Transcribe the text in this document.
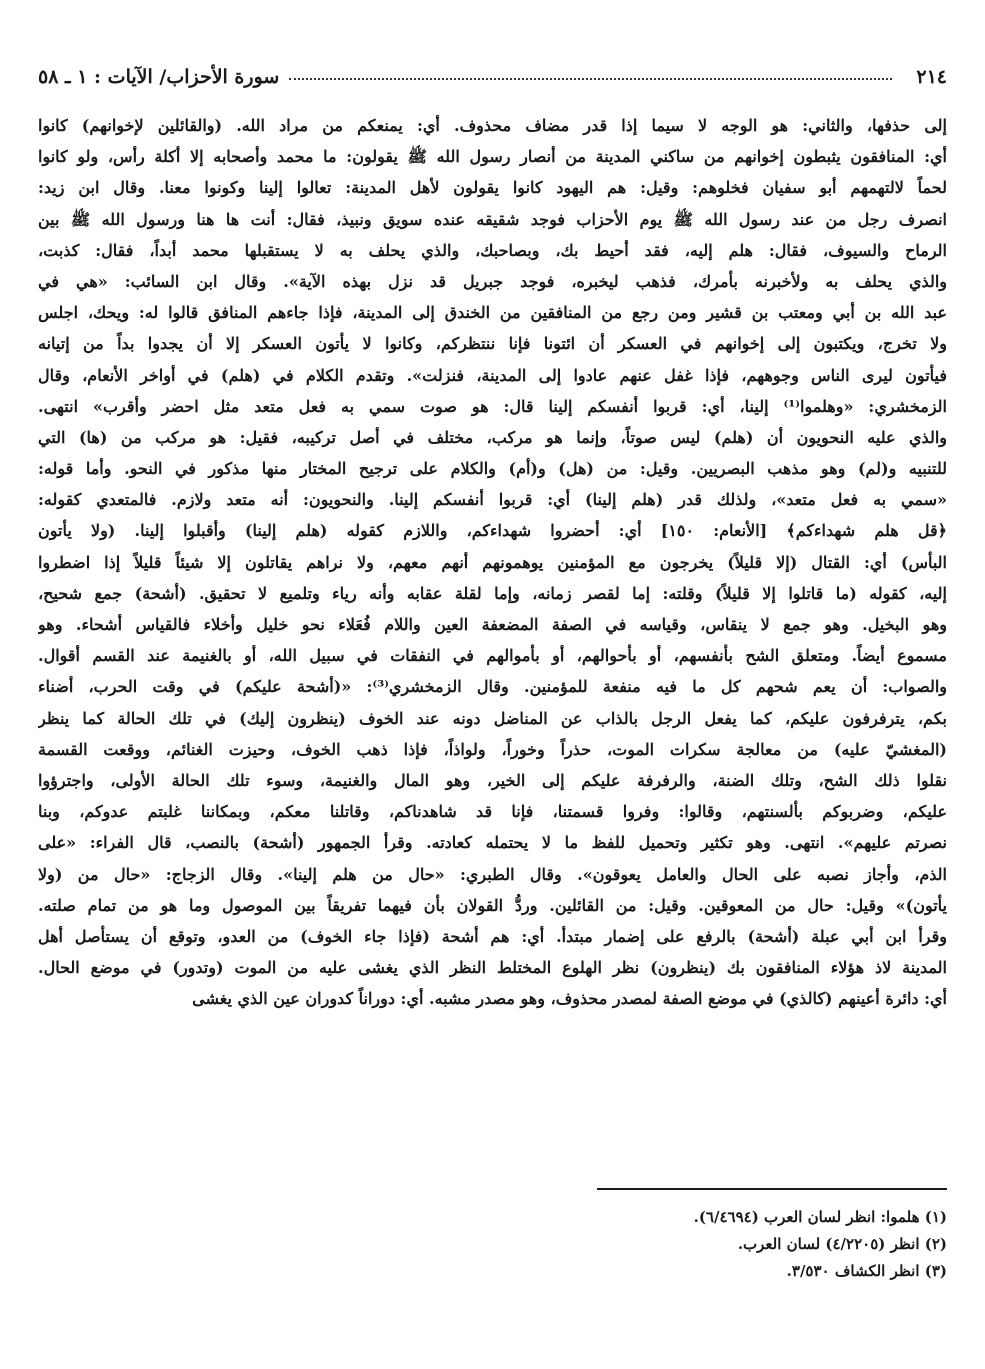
٢١٤
سورة الأحزاب/ الآيات : ١ ـ ٥٨
إلى حذفها، والثاني: هو الوجه لا سيما إذا قدر مضاف محذوف. أي: يمنعكم من مراد الله. (والقائلين لإخوانهم) كانوا
أي: المنافقون يثبطون إخوانهم من ساكني المدينة من أنصار رسول الله ﷺ يقولون: ما محمد وأصحابه إلا أكلة رأس، ولو كانوا
لحماً لالتهمهم أبو سفيان فخلوهم: وقيل: هم اليهود كانوا يقولون لأهل المدينة: تعالوا إلينا وكونوا معنا. وقال ابن زيد:
انصرف رجل من عند رسول الله ﷺ يوم الأحزاب فوجد شقيقه عنده سويق ونبيذ، فقال: أنت ها هنا ورسول الله ﷺ بين
الرماح والسيوف، فقال: هلم إليه، فقد أحيط بك، وبصاحبك، والذي يحلف به لا يستقبلها محمد أبداً، فقال: كذبت،
والذي يحلف به ولأخبرنه بأمرك، فذهب ليخبره، فوجد جبريل قد نزل بهذه الآية». وقال ابن السائب: «هي في
عبد الله بن أبي ومعتب بن قشير ومن رجع من المنافقين من الخندق إلى المدينة، فإذا جاءهم المنافق قالوا له: ويحك، اجلس
ولا تخرج، ويكتبون إلى إخوانهم في العسكر أن ائتونا فإنا ننتظركم، وكانوا لا يأتون العسكر إلا أن يجدوا بداً من إتيانه
فيأتون ليرى الناس وجوههم، فإذا غفل عنهم عادوا إلى المدينة، فنزلت». وتقدم الكلام في (هلم) في أواخر الأنعام، وقال
الزمخشري: «وهلموا⁽¹⁾ إلينا، أي: قربوا أنفسكم إلينا قال: هو صوت سمي به فعل متعد مثل احضر وأقرب» انتهى.
والذي عليه النحويون أن (هلم) ليس صوتاً، وإنما هو مركب، مختلف في أصل تركيبه، فقيل: هو مركب من (ها) التي
للتنبيه و(لم) وهو مذهب البصريين. وقيل: من (هل) و(أم) والكلام على ترجيح المختار منها مذكور في النحو. وأما قوله:
«سمي به فعل متعد»، ولذلك قدر (هلم إلينا) أي: قربوا أنفسكم إلينا. والنحويون: أنه متعد ولازم. فالمتعدي كقوله:
﴿قل هلم شهداءكم﴾ [الأنعام: ١٥٠] أي: أحضروا شهداءكم، واللازم كقوله (هلم إلينا) وأقبلوا إلينا. (ولا يأتون
البأس) أي: القتال (إلا قليلاً) يخرجون مع المؤمنين يوهمونهم أنهم معهم، ولا نراهم يقاتلون إلا شيئاً قليلاً إذا اضطروا
إليه، كقوله (ما قاتلوا إلا قليلاً) وقلته: إما لقصر زمانه، وإما لقلة عقابه وأنه رياء وتلميع لا تحقيق. (أشحة) جمع شحيح،
وهو البخيل. وهو جمع لا ينقاس، وقياسه في الصفة المضعفة العين واللام فُعَلاء نحو خليل وأخلاء فالقياس أشحاء. وهو
مسموع أيضاً. ومتعلق الشح بأنفسهم، أو بأحوالهم، أو بأموالهم في النفقات في سبيل الله، أو بالغنيمة عند القسم أقوال.
والصواب: أن يعم شحهم كل ما فيه منفعة للمؤمنين. وقال الزمخشري⁽³⁾: «(أشحة عليكم) في وقت الحرب، أضناء
بكم، يترفرفون عليكم، كما يفعل الرجل بالذاب عن المناضل دونه عند الخوف (ينظرون إليك) في تلك الحالة كما ينظر
(المغشيّ عليه) من معالجة سكرات الموت، حذراً وخوراً، ولواذاً، فإذا ذهب الخوف، وحيزت الغنائم، ووقعت القسمة
نقلوا ذلك الشح، وتلك الضنة، والرفرفة عليكم إلى الخير، وهو المال والغنيمة، وسوء تلك الحالة الأولى، واجترؤوا
عليكم، وضربوكم بألسنتهم، وقالوا: وفروا قسمتنا، فإنا قد شاهدناكم، وقاتلنا معكم، وبمكاننا غلبتم عدوكم، وبنا
نصرتم عليهم». انتهى. وهو تكثير وتحميل للفظ ما لا يحتمله كعادته. وقرأ الجمهور (أشحة) بالنصب، قال الفراء: «على
الذم، وأجاز نصبه على الحال والعامل يعوقون». وقال الطبري: «حال من هلم إلينا». وقال الزجاج: «حال من (ولا
يأتون)» وقيل: حال من المعوقين. وقيل: من القائلين. وردُّ القولان بأن فيهما تفريقاً بين الموصول وما هو من تمام صلته.
وقرأ ابن أبي عبلة (أشحة) بالرفع على إضمار مبتدأ. أي: هم أشحة (فإذا جاء الخوف) من العدو، وتوقع أن يستأصل أهل
المدينة لاذ هؤلاء المنافقون بك (ينظرون) نظر الهلوع المختلط النظر الذي يغشى عليه من الموت (وتدور) في موضع الحال.
أي: دائرة أعينهم (كالذي) في موضع الصفة لمصدر محذوف، وهو مصدر مشبه. أي: دوراناً كدوران عين الذي يغشى
(١) هلموا: انظر لسان العرب (٦/٤٦٩٤).
(٢) انظر (٤/٢٢٠٥) لسان العرب.
(٣) انظر الكشاف ٣/٥٣٠.
